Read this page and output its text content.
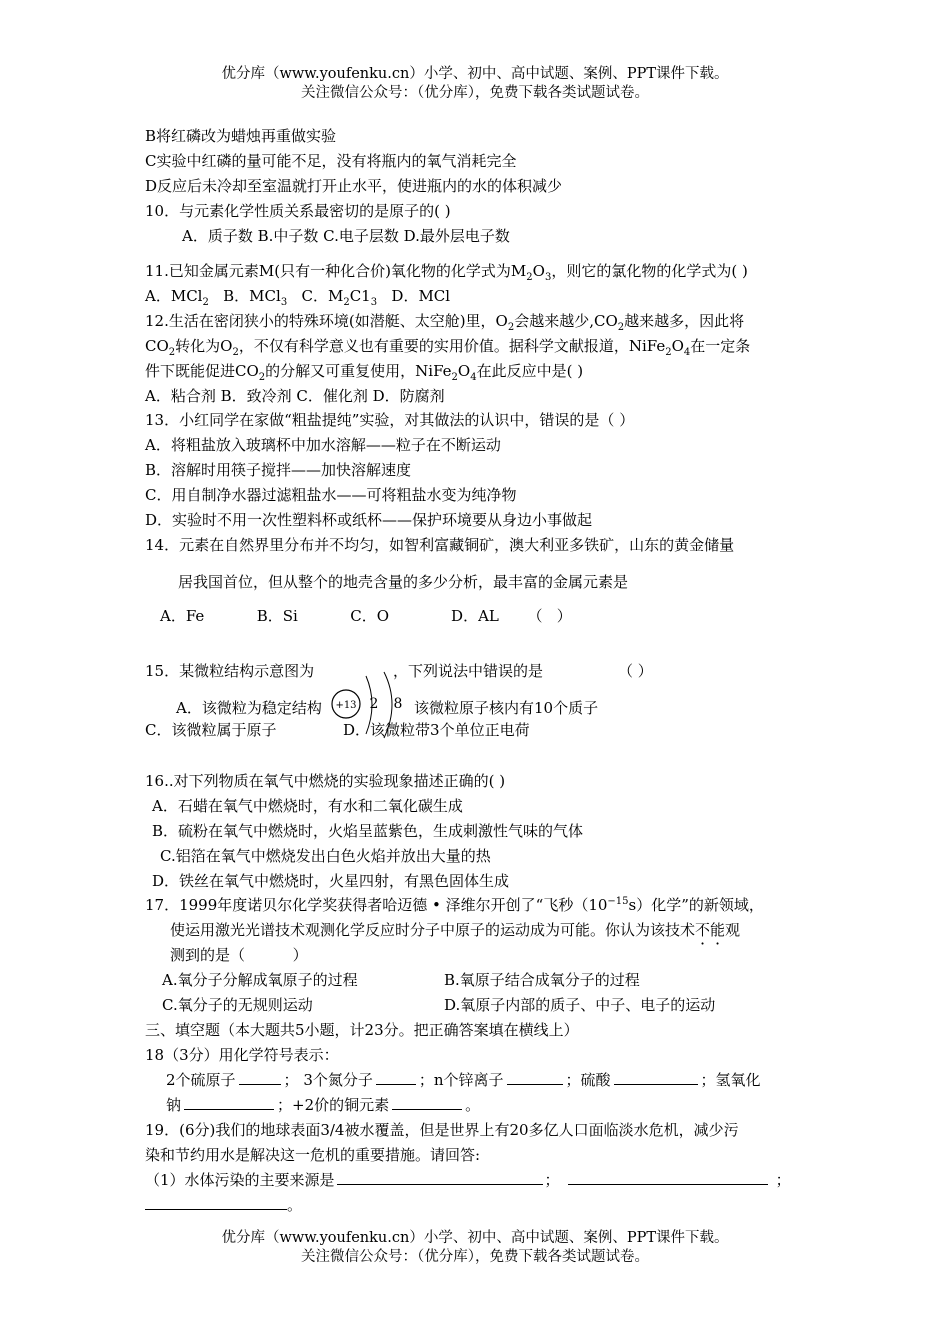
优分库（www.youfenku.cn）小学、初中、高中试题、案例、PPT课件下载。
关注微信公众号：（优分库），免费下载各类试题试卷。
B将红磷改为蜡烛再重做实验
C实验中红磷的量可能不足，没有将瓶内的氧气消耗完全
D反应后未冷却至室温就打开止水平，使进瓶内的水的体积减少
10．与元素化学性质关系最密切的是原子的( )
A．质子数 B.中子数 C.电子层数 D.最外层电子数
11.已知金属元素M(只有一种化合价)氧化物的化学式为$M_2O_3$，则它的氯化物的化学式为( )
A．MCl$_2$   B．MCl$_3$   C．$M_2C1_3$   D．MCl
12.生活在密闭狭小的特殊环境(如潜艇、太空舱)里，$O_2$会越来越少$,CO_2$越来越多，因此将
$CO_2$转化为$O_2$，不仅有科学意义也有重要的实用价值。据科学文献报道，$NiFe_2O_4$在一定条
件下既能促进$CO_2$的分解又可重复使用，$NiFe_2O_4$在此反应中是( )
A．粘合剂 B．致冷剂 C．催化剂 D．防腐剂
13．小红同学在家做“粗盐提纯”实验，对其做法的认识中，错误的是（ ）
A．将粗盐放入玻璃杯中加水溶解——粒子在不断运动
B．溶解时用筷子搅拌——加快溶解速度
C．用自制净水器过滤粗盐水——可将粗盐水变为纯净物
D．实验时不用一次性塑料杯或纸杯——保护环境要从身边小事做起
14．元素在自然界里分布并不均匀，如智利富藏铜矿，澳大利亚多铁矿，山东的黄金储量
居我国首位，但从整个的地壳含量的多少分析，最丰富的金属元素是
A．Fe           B．Si           C．O             D．AL      （   ）
15．某微粒结构示意图为	，下列说法中错误的是	（ ）
A．该微粒为稳定结构	该微粒原子核内有10个质子
C．该微粒属于原子	D．该微粒带3个单位正电荷
+13 2 8
16..对下列物质在氧气中燃烧的实验现象描述正确的( )
A．石蜡在氧气中燃烧时，有水和二氧化碳生成
B．硫粉在氧气中燃烧时，火焰呈蓝紫色，生成刺激性气味的气体
C.铝箔在氧气中燃烧发出白色火焰并放出大量的热
D．铁丝在氧气中燃烧时，火星四射，有黑色固体生成
17．1999年度诺贝尔化学奖获得者哈迈德 • 泽维尔开创了“飞秒$(10^{-15}s)$化学”的新领域，
使运用激光光谱技术观测化学反应时分子中原子的运动成为可能。你认为该技术不能观
测到的是（          ）
A.氧分子分解成氧原子的过程	B.氧原子结合成氧分子的过程
C.氧分子的无规则运动	D.氧原子内部的质子、中子、电子的运动
三、填空题（本大题共5小题，计23分。把正确答案填在横线上）
18（3分）用化学符号表示：
2个硫原子	； 3个氮分子	；n个锌离子	；硫酸	；氢氧化
钠	；+2价的铜元素	。
19．(6分)我们的地球表面3/4被水覆盖，但是世界上有20多亿人口面临淡水危机，减少污
染和节约用水是解决这一危机的重要措施。请回答:
（1）水体污染的主要来源是	；	；
。
优分库（www.youfenku.cn）小学、初中、高中试题、案例、PPT课件下载。
关注微信公众号：（优分库），免费下载各类试题试卷。
